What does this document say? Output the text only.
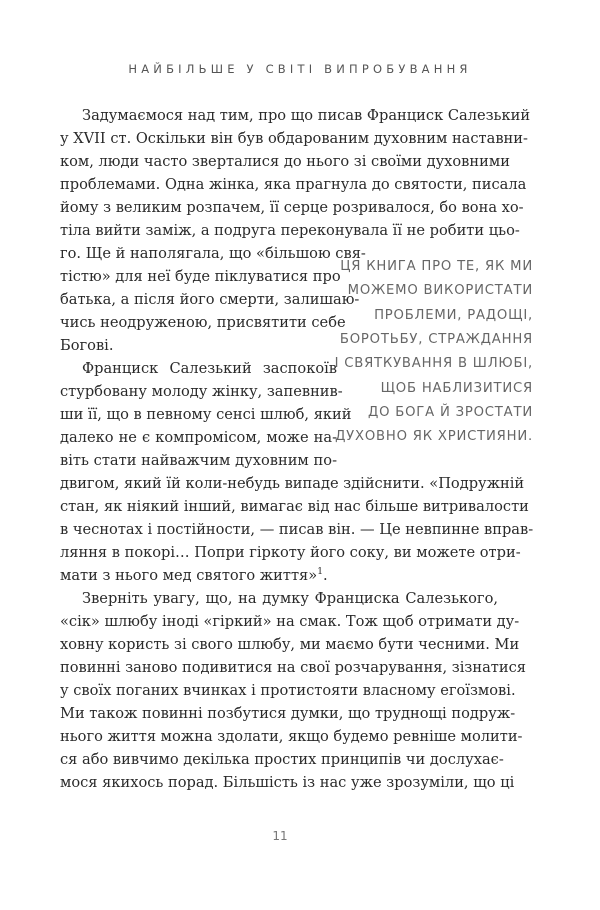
НАЙБІЛЬШЕ У СВІТІ ВИПРОБУВАННЯ
Задумаємося над тим, про що писав Франциск Салезький
у XVII ст. Оскільки він був обдарованим духовним наставни-
ком, люди часто зверталися до нього зі своїми духовними
проблемами. Одна жінка, яка прагнула до святости, писала
йому з великим розпачем, її серце розривалося, бо вона хо-
тіла вийти заміж, а подруга переконувала її не робити цьо-
го. Ще й наполягала, що «більшою свя-
тістю» для неї буде піклуватися про
батька, а після його смерти, залишаю-
чись неодруженою, присвятити себе
Богові.
Франциск Салезький заспокоїв
стурбовану молоду жінку, запевнив-
ши її, що в певному сенсі шлюб, який
далеко не є компромісом, може на-
віть стати найважчим духовним по-
двигом, який їй коли-небудь випаде здійснити. «Подружній
стан, як ніякий інший, вимагає від нас більше витривалости
в чеснотах і постійности, — писав він. — Це невпинне вправ-
ляння в покорі… Попри гіркоту його соку, ви можете отри-
мати з нього мед святого життя»$^1$.
Зверніть увагу, що, на думку Франциска Салезького,
«сік» шлюбу іноді «гіркий» на смак. Тож щоб отримати ду-
ховну користь зі свого шлюбу, ми маємо бути чесними. Ми
повинні заново подивитися на свої розчарування, зізнатися
у своїх поганих вчинках і протистояти власному егоїзмові.
Ми також повинні позбутися думки, що труднощі подруж-
нього життя можна здолати, якщо будемо ревніше молити-
ся або вивчимо декілька простих принципів чи дослухає-
мося якихось порад. Більшість із нас уже зрозуміли, що ці
ЦЯ КНИГА ПРО ТЕ, ЯК МИ
МОЖЕМО ВИКОРИСТАТИ
ПРОБЛЕМИ, РАДОЩІ,
БОРОТЬБУ, СТРАЖДАННЯ
І СВЯТКУВАННЯ В ШЛЮБІ,
ЩОБ НАБЛИЗИТИСЯ
ДО БОГА Й ЗРОСТАТИ
ДУХОВНО ЯК ХРИСТИЯНИ.
11
